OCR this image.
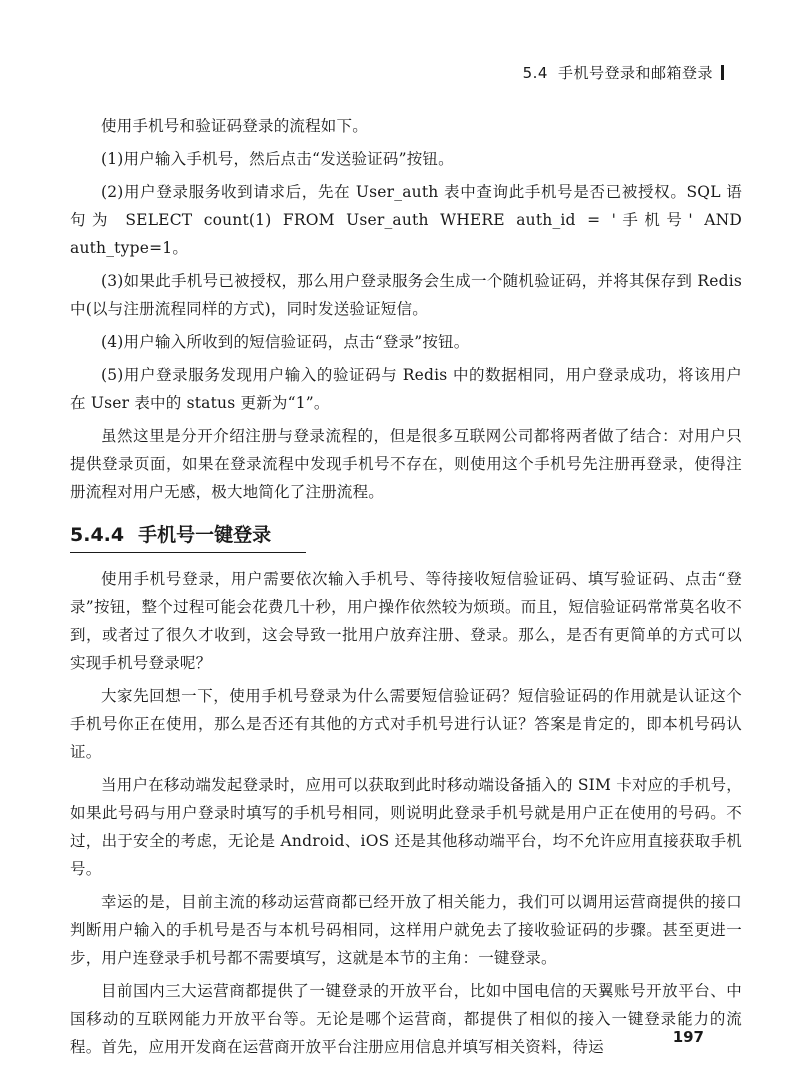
5.4 手机号登录和邮箱登录

使用手机号和验证码登录的流程如下。

(1)用户输入手机号，然后点击“发送验证码”按钮。

(2)用户登录服务收到请求后，先在 User_auth 表中查询此手机号是否已被授权。SQL 语句为 SELECT count(1) FROM User_auth WHERE auth_id = '手机号' AND auth_type=1。

(3)如果此手机号已被授权，那么用户登录服务会生成一个随机验证码，并将其保存到 Redis 中(以与注册流程同样的方式)，同时发送验证短信。

(4)用户输入所收到的短信验证码，点击“登录”按钮。

(5)用户登录服务发现用户输入的验证码与 Redis 中的数据相同，用户登录成功，将该用户在 User 表中的 status 更新为“1”。

虽然这里是分开介绍注册与登录流程的，但是很多互联网公司都将两者做了结合：对用户只提供登录页面，如果在登录流程中发现手机号不存在，则使用这个手机号先注册再登录，使得注册流程对用户无感，极大地简化了注册流程。

5.4.4 手机号一键登录

使用手机号登录，用户需要依次输入手机号、等待接收短信验证码、填写验证码、点击“登录”按钮，整个过程可能会花费几十秒，用户操作依然较为烦琐。而且，短信验证码常常莫名收不到，或者过了很久才收到，这会导致一批用户放弃注册、登录。那么，是否有更简单的方式可以实现手机号登录呢？

大家先回想一下，使用手机号登录为什么需要短信验证码？短信验证码的作用就是认证这个手机号你正在使用，那么是否还有其他的方式对手机号进行认证？答案是肯定的，即本机号码认证。

当用户在移动端发起登录时，应用可以获取到此时移动端设备插入的 SIM 卡对应的手机号，如果此号码与用户登录时填写的手机号相同，则说明此登录手机号就是用户正在使用的号码。不过，出于安全的考虑，无论是 Android、iOS 还是其他移动端平台，均不允许应用直接获取手机号。

幸运的是，目前主流的移动运营商都已经开放了相关能力，我们可以调用运营商提供的接口判断用户输入的手机号是否与本机号码相同，这样用户就免去了接收验证码的步骤。甚至更进一步，用户连登录手机号都不需要填写，这就是本节的主角：一键登录。

目前国内三大运营商都提供了一键登录的开放平台，比如中国电信的天翼账号开放平台、中国移动的互联网能力开放平台等。无论是哪个运营商，都提供了相似的接入一键登录能力的流程。首先，应用开发商在运营商开放平台注册应用信息并填写相关资料，待运

197
